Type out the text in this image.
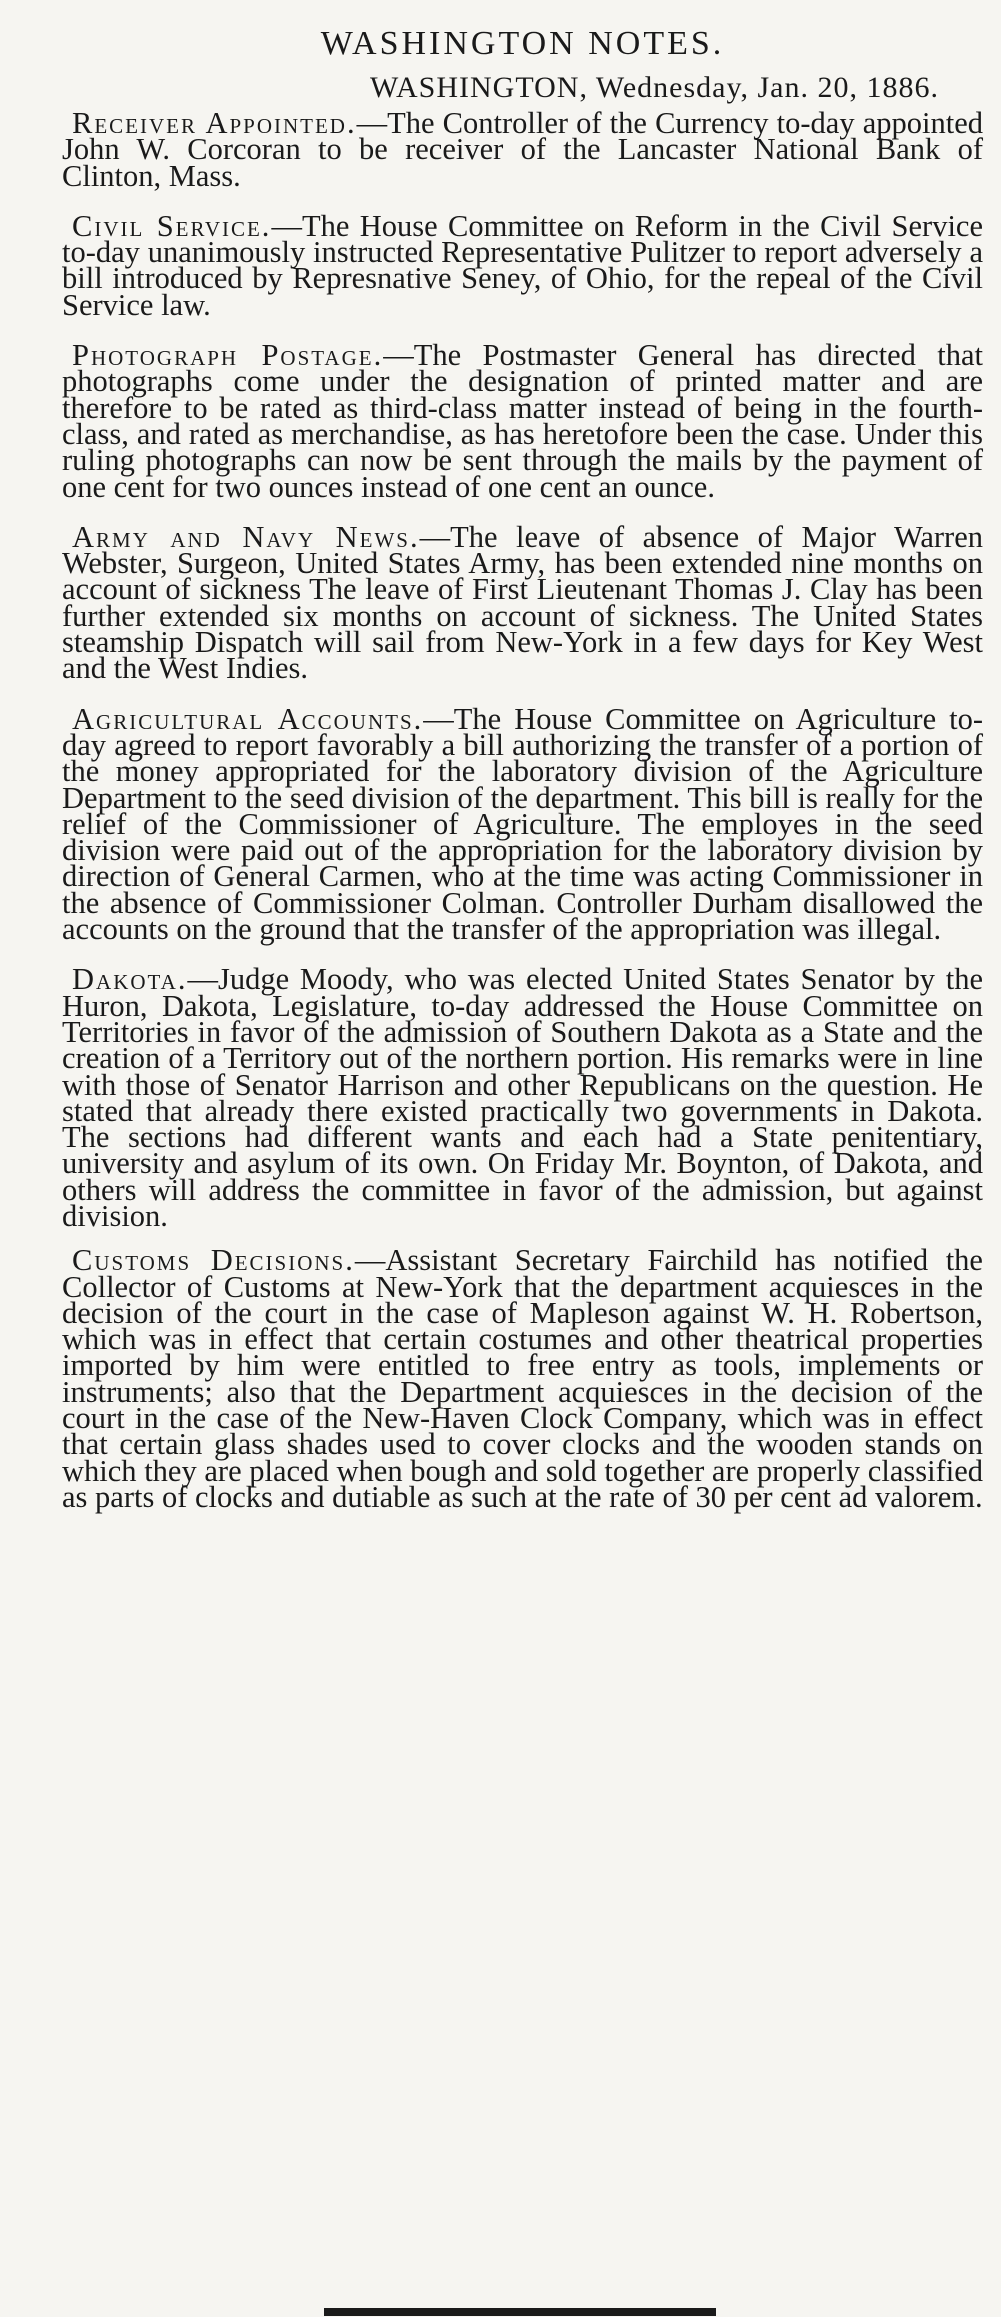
WASHINGTON NOTES.
WASHINGTON, Wednesday, Jan. 20, 1886.

Receiver Appointed.—The Controller of the Currency to-day appointed John W. Corcoran to be receiver of the Lancaster National Bank of Clinton, Mass.

Civil Service.—The House Committee on Reform in the Civil Service to-day unanimously instructed Representative Pulitzer to report adversely a bill introduced by Represnative Seney, of Ohio, for the repeal of the Civil Service law.

Photograph Postage.—The Postmaster General has directed that photographs come under the designation of printed matter and are therefore to be rated as third-class matter instead of being in the fourth-class, and rated as merchandise, as has heretofore been the case. Under this ruling photographs can now be sent through the mails by the payment of one cent for two ounces instead of one cent an ounce.

Army and Navy News.—The leave of absence of Major Warren Webster, Surgeon, United States Army, has been extended nine months on account of sickness The leave of First Lieutenant Thomas J. Clay has been further extended six months on account of sickness. The United States steamship Dispatch will sail from New-York in a few days for Key West and the West Indies.

Agricultural Accounts.—The House Committee on Agriculture to-day agreed to report favorably a bill authorizing the transfer of a portion of the money appropriated for the laboratory division of the Agriculture Department to the seed division of the department. This bill is really for the relief of the Commissioner of Agriculture. The employes in the seed division were paid out of the appropriation for the laboratory division by direction of General Carmen, who at the time was acting Commissioner in the absence of Commissioner Colman. Controller Durham disallowed the accounts on the ground that the transfer of the appropriation was illegal.

Dakota.—Judge Moody, who was elected United States Senator by the Huron, Dakota, Legislature, to-day addressed the House Committee on Territories in favor of the admission of Southern Dakota as a State and the creation of a Territory out of the northern portion. His remarks were in line with those of Senator Harrison and other Republicans on the question. He stated that already there existed practically two governments in Dakota. The sections had different wants and each had a State penitentiary, university and asylum of its own. On Friday Mr. Boynton, of Dakota, and others will address the committee in favor of the admission, but against division.

Customs Decisions.—Assistant Secretary Fairchild has notified the Collector of Customs at New-York that the department acquiesces in the decision of the court in the case of Mapleson against W. H. Robertson, which was in effect that certain costumes and other theatrical properties imported by him were entitled to free entry as tools, implements or instruments; also that the Department acquiesces in the decision of the court in the case of the New-Haven Clock Company, which was in effect that certain glass shades used to cover clocks and the wooden stands on which they are placed when bough and sold together are properly classified as parts of clocks and dutiable as such at the rate of 30 per cent ad valorem.
